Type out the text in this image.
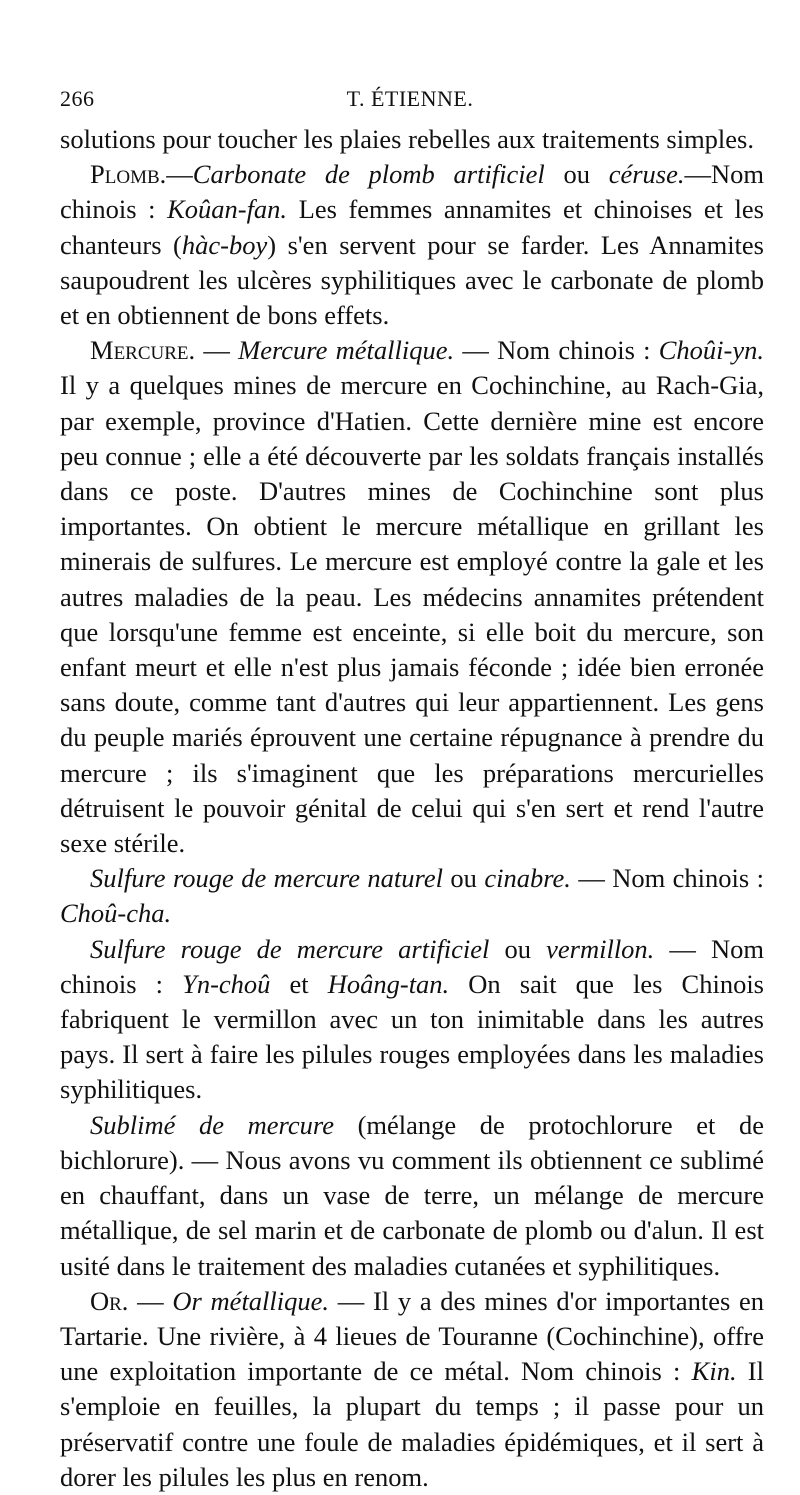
266	T. ÉTIENNE.

solutions pour toucher les plaies rebelles aux traitements simples.

Plomb.—Carbonate de plomb artificiel ou céruse.—Nom chinois : Koûan-fan. Les femmes annamites et chinoises et les chanteurs (hàc-boy) s'en servent pour se farder. Les Annamites saupoudrent les ulcères syphilitiques avec le carbonate de plomb et en obtiennent de bons effets.

Mercure. — Mercure métallique. — Nom chinois : Choûi-yn. Il y a quelques mines de mercure en Cochinchine, au Rach-Gia, par exemple, province d'Hatien. Cette dernière mine est encore peu connue ; elle a été découverte par les soldats français installés dans ce poste. D'autres mines de Cochinchine sont plus importantes. On obtient le mercure métallique en grillant les minerais de sulfures. Le mercure est employé contre la gale et les autres maladies de la peau. Les médecins annamites prétendent que lorsqu'une femme est enceinte, si elle boit du mercure, son enfant meurt et elle n'est plus jamais féconde ; idée bien erronée sans doute, comme tant d'autres qui leur appartiennent. Les gens du peuple mariés éprouvent une certaine répugnance à prendre du mercure ; ils s'imaginent que les préparations mercurielles détruisent le pouvoir génital de celui qui s'en sert et rend l'autre sexe stérile.

Sulfure rouge de mercure naturel ou cinabre. — Nom chinois : Choû-cha.

Sulfure rouge de mercure artificiel ou vermillon. — Nom chinois : Yn-choû et Hoâng-tan. On sait que les Chinois fabriquent le vermillon avec un ton inimitable dans les autres pays. Il sert à faire les pilules rouges employées dans les maladies syphilitiques.

Sublimé de mercure (mélange de protochlorure et de bichlorure). — Nous avons vu comment ils obtiennent ce sublimé en chauffant, dans un vase de terre, un mélange de mercure métallique, de sel marin et de carbonate de plomb ou d'alun. Il est usité dans le traitement des maladies cutanées et syphilitiques.

Or. — Or métallique. — Il y a des mines d'or importantes en Tartarie. Une rivière, à 4 lieues de Touranne (Cochinchine), offre une exploitation importante de ce métal. Nom chinois : Kin. Il s'emploie en feuilles, la plupart du temps ; il passe pour un préservatif contre une foule de maladies épidémiques, et il sert à dorer les pilules les plus en renom.
